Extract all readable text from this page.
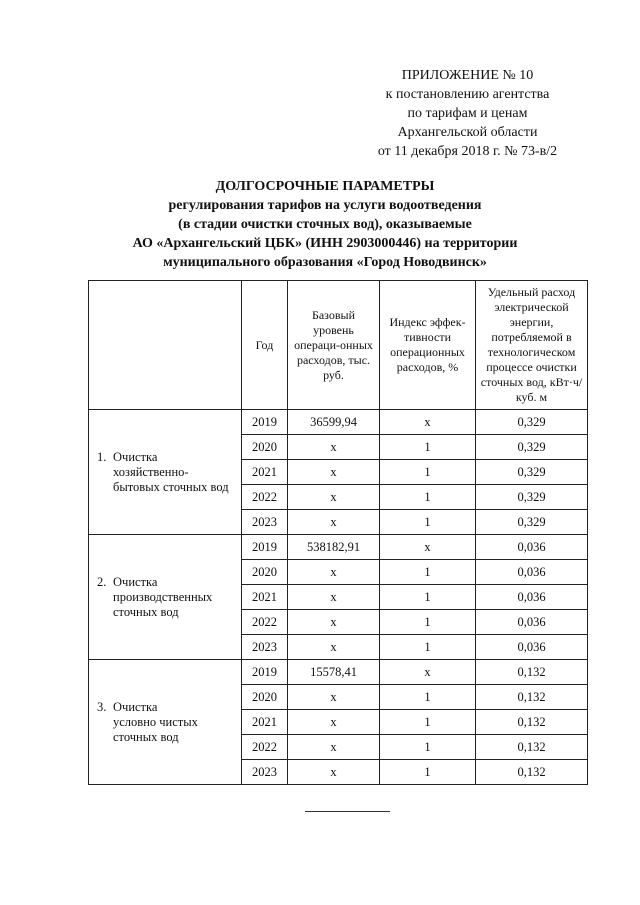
ПРИЛОЖЕНИЕ № 10
к постановлению агентства
по тарифам и ценам
Архангельской области
от 11 декабря 2018 г. № 73-в/2
ДОЛГОСРОЧНЫЕ ПАРАМЕТРЫ
регулирования тарифов на услуги водоотведения
(в стадии очистки сточных вод), оказываемые
АО «Архангельский ЦБК» (ИНН 2903000446) на территории
муниципального образования «Город Новодвинск»
	Год	Базовый уровень операци-онных расходов, тыс. руб.	Индекс эффек-тивности операционных расходов, %	Удельный расход электрической энергии, потребляемой в технологическом процессе очистки сточных вод, кВт·ч/куб. м
1. Очистка
хозяйственно-бытовых сточных вод	2019	36599,94	х	0,329
	2020	х	1	0,329
	2021	х	1	0,329
	2022	х	1	0,329
	2023	х	1	0,329
2. Очистка
производственных сточных вод	2019	538182,91	х	0,036
	2020	х	1	0,036
	2021	х	1	0,036
	2022	х	1	0,036
	2023	х	1	0,036
3. Очистка
условно чистых сточных вод	2019	15578,41	х	0,132
	2020	х	1	0,132
	2021	х	1	0,132
	2022	х	1	0,132
	2023	х	1	0,132
